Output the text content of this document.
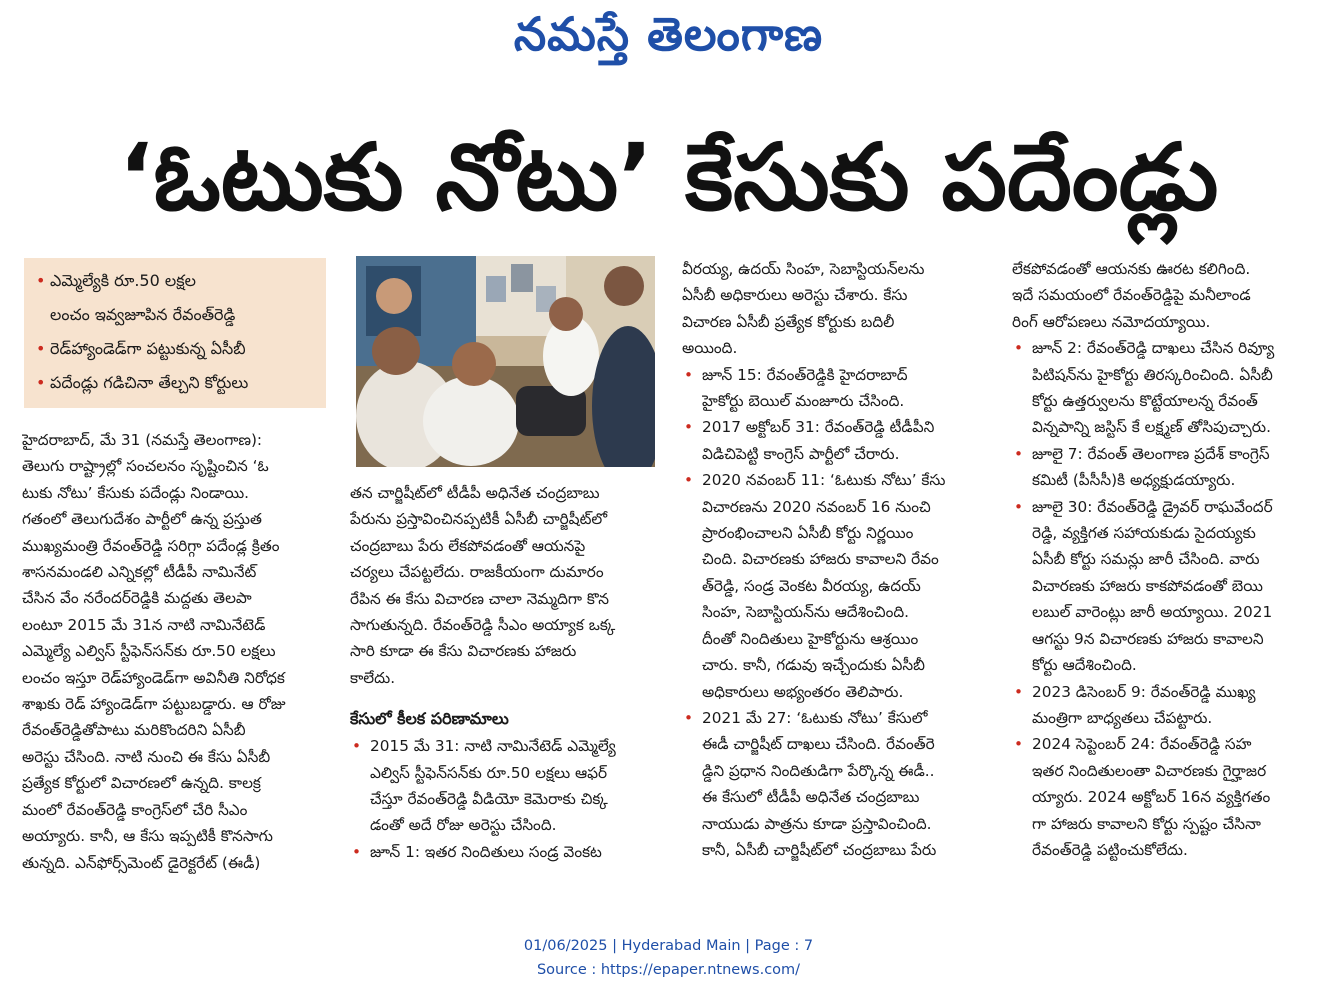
నమస్తే తెలంగాణ
‘ఓటుకు నోటు’ కేసుకు పదేండ్లు
• ఎమ్మెల్యేకి రూ.50 లక్షల
లంచం ఇవ్వజూపిన రేవంత్‌రెడ్డి
• రెడ్‌హ్యాండెడ్‌గా పట్టుకున్న ఏసీబీ
• పదేండ్లు గడిచినా తేల్చని కోర్టులు
హైదరాబాద్, మే 31 (నమస్తే తెలంగాణ):
తెలుగు రాష్ట్రాల్లో సంచలనం సృష్టించిన ‘ఓ
టుకు నోటు’ కేసుకు పదేండ్లు నిండాయి.
గతంలో తెలుగుదేశం పార్టీలో ఉన్న ప్రస్తుత
ముఖ్యమంత్రి రేవంత్‌రెడ్డి సరిగ్గా పదేండ్ల క్రితం
శాసనమండలి ఎన్నికల్లో టీడీపీ నామినేట్
చేసిన వేం నరేందర్‌రెడ్డికి మద్దతు తెలపా
లంటూ 2015 మే 31న నాటి నామినేటెడ్
ఎమ్మెల్యే ఎల్విస్ స్టీఫెన్‌సన్‌కు రూ.50 లక్షలు
లంచం ఇస్తూ రెడ్‌హ్యాండెడ్‌గా అవినీతి నిరోధక
శాఖకు రెడ్ హ్యాండెడ్‌గా పట్టుబడ్డారు. ఆ రోజు
రేవంత్‌రెడ్డితోపాటు మరికొందరిని ఏసీబీ
అరెస్టు చేసింది. నాటి నుంచి ఈ కేసు ఏసీబీ
ప్రత్యేక కోర్టులో విచారణలో ఉన్నది. కాలక్ర
మంలో రేవంత్‌రెడ్డి కాంగ్రెస్‌లో చేరి సీఎం
అయ్యారు. కానీ, ఆ కేసు ఇప్పటికీ కొనసాగు
తున్నది. ఎన్‌ఫోర్స్‌మెంట్ డైరెక్టరేట్ (ఈడీ)
తన చార్జిషీట్‌లో టీడీపీ అధినేత చంద్రబాబు
పేరును ప్రస్తావించినప్పటికీ ఏసీబీ చార్జిషీట్‌లో
చంద్రబాబు పేరు లేకపోవడంతో ఆయనపై
చర్యలు చేపట్టలేదు. రాజకీయంగా దుమారం
రేపిన ఈ కేసు విచారణ చాలా నెమ్మదిగా కొన
సాగుతున్నది. రేవంత్‌రెడ్డి సీఎం అయ్యాక ఒక్క
సారి కూడా ఈ కేసు విచారణకు హాజరు
కాలేదు.
కేసులో కీలక పరిణామాలు
• 2015 మే 31: నాటి నామినేటెడ్ ఎమ్మెల్యే
ఎల్విస్ స్టీఫెన్‌సన్‌కు రూ.50 లక్షలు ఆఫర్
చేస్తూ రేవంత్‌రెడ్డి వీడియో కెమెరాకు చిక్క
డంతో అదే రోజు అరెస్టు చేసింది.
• జూన్ 1: ఇతర నిందితులు సండ్ర వెంకట
వీరయ్య, ఉదయ్ సింహ, సెబాస్టియన్‌లను
ఏసీబీ అధికారులు అరెస్టు చేశారు. కేసు
విచారణ ఏసీబీ ప్రత్యేక కోర్టుకు బదిలీ
అయింది.
• జూన్ 15: రేవంత్‌రెడ్డికి హైదరాబాద్
హైకోర్టు బెయిల్ మంజూరు చేసింది.
• 2017 అక్టోబర్ 31: రేవంత్‌రెడ్డి టీడీపీని
విడిచిపెట్టి కాంగ్రెస్ పార్టీలో చేరారు.
• 2020 నవంబర్ 11: ‘ఓటుకు నోటు’ కేసు
విచారణను 2020 నవంబర్ 16 నుంచి
ప్రారంభించాలని ఏసీబీ కోర్టు నిర్ణయిం
చింది. విచారణకు హాజరు కావాలని రేవం
త్‌రెడ్డి, సండ్ర వెంకట వీరయ్య, ఉదయ్
సింహ, సెబాస్టియన్‌ను ఆదేశించింది.
దీంతో నిందితులు హైకోర్టును ఆశ్రయిం
చారు. కానీ, గడువు ఇచ్చేందుకు ఏసీబీ
అధికారులు అభ్యంతరం తెలిపారు.
• 2021 మే 27: ‘ఓటుకు నోటు’ కేసులో
ఈడీ చార్జిషీట్ దాఖలు చేసింది. రేవంత్‌రె
డ్డిని ప్రధాన నిందితుడిగా పేర్కొన్న ఈడీ..
ఈ కేసులో టీడీపీ అధినేత చంద్రబాబు
నాయుడు పాత్రను కూడా ప్రస్తావించింది.
కానీ, ఏసీబీ చార్జిషీట్‌లో చంద్రబాబు పేరు
లేకపోవడంతో ఆయనకు ఊరట కలిగింది.
ఇదే సమయంలో రేవంత్‌రెడ్డిపై మనీలాండ
రింగ్ ఆరోపణలు నమోదయ్యాయి.
• జూన్ 2: రేవంత్‌రెడ్డి దాఖలు చేసిన రివ్యూ
పిటిషన్‌ను హైకోర్టు తిరస్కరించింది. ఏసీబీ
కోర్టు ఉత్తర్వులను కొట్టేయాలన్న రేవంత్
విన్నపాన్ని జస్టిస్ కే లక్ష్మణ్ తోసిపుచ్చారు.
• జూలై 7: రేవంత్ తెలంగాణ ప్రదేశ్ కాంగ్రెస్
కమిటీ (పీసీసీ)కి అధ్యక్షుడయ్యారు.
• జూలై 30: రేవంత్‌రెడ్డి డ్రైవర్ రాఘవేందర్
రెడ్డి, వ్యక్తిగత సహాయకుడు సైదయ్యకు
ఏసీబీ కోర్టు సమన్లు జారీ చేసింది. వారు
విచారణకు హాజరు కాకపోవడంతో బెయి
లబుల్ వారెంట్లు జారీ అయ్యాయి. 2021
ఆగస్టు 9న విచారణకు హాజరు కావాలని
కోర్టు ఆదేశించింది.
• 2023 డిసెంబర్ 9: రేవంత్‌రెడ్డి ముఖ్య
మంత్రిగా బాధ్యతలు చేపట్టారు.
• 2024 సెప్టెంబర్ 24: రేవంత్‌రెడ్డి సహ
ఇతర నిందితులంతా విచారణకు గైర్హాజర
య్యారు. 2024 అక్టోబర్ 16న వ్యక్తిగతం
గా హాజరు కావాలని కోర్టు స్పష్టం చేసినా
రేవంత్‌రెడ్డి పట్టించుకోలేదు.
01/06/2025 | Hyderabad Main | Page : 7
Source : https://epaper.ntnews.com/
